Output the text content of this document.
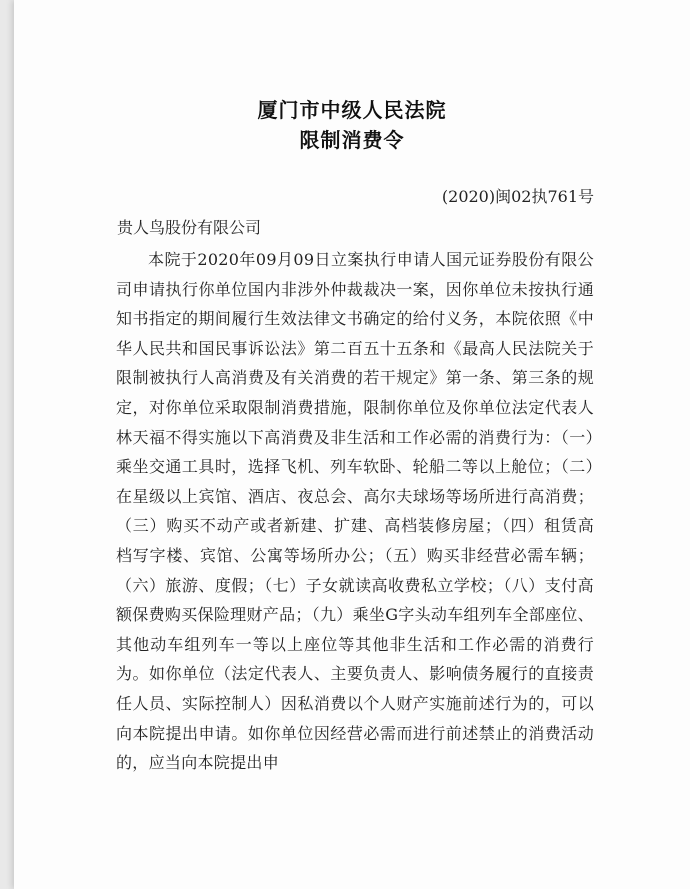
厦门市中级人民法院
限制消费令
(2020)闽02执761号
贵人鸟股份有限公司
本院于2020年09月09日立案执行申请人国元证券股份有限公司申请执行你单位国内非涉外仲裁裁决一案，因你单位未按执行通知书指定的期间履行生效法律文书确定的给付义务，本院依照《中华人民共和国民事诉讼法》第二百五十五条和《最高人民法院关于限制被执行人高消费及有关消费的若干规定》第一条、第三条的规定，对你单位采取限制消费措施，限制你单位及你单位法定代表人林天福不得实施以下高消费及非生活和工作必需的消费行为：（一）乘坐交通工具时，选择飞机、列车软卧、轮船二等以上舱位；（二）在星级以上宾馆、酒店、夜总会、高尔夫球场等场所进行高消费；（三）购买不动产或者新建、扩建、高档装修房屋；（四）租赁高档写字楼、宾馆、公寓等场所办公；（五）购买非经营必需车辆；（六）旅游、度假；（七）子女就读高收费私立学校；（八）支付高额保费购买保险理财产品；（九）乘坐G字头动车组列车全部座位、其他动车组列车一等以上座位等其他非生活和工作必需的消费行为。如你单位（法定代表人、主要负责人、影响债务履行的直接责任人员、实际控制人）因私消费以个人财产实施前述行为的，可以向本院提出申请。如你单位因经营必需而进行前述禁止的消费活动的，应当向本院提出申
